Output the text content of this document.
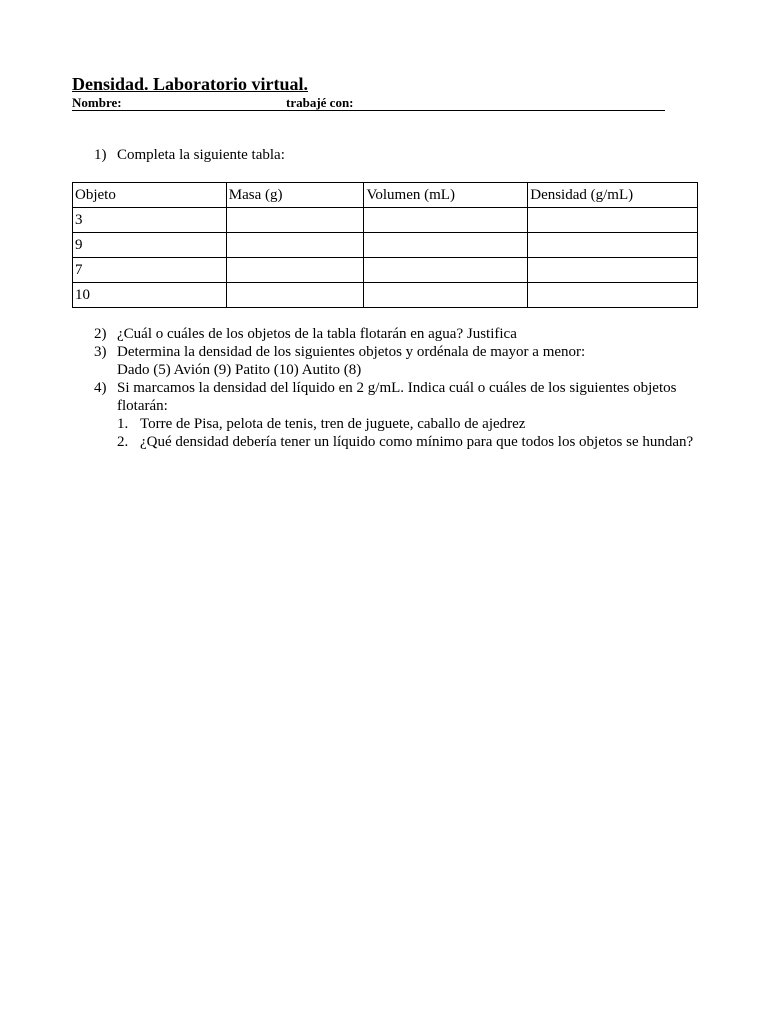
Densidad. Laboratorio virtual.
Nombre:	trabajé con:
1) Completa la siguiente tabla:
Objeto	Masa (g)	Volumen (mL)	Densidad (g/mL)
3			
9			
7			
10			
2) ¿Cuál o cuáles de los objetos de la tabla flotarán en agua? Justifica
3) Determina la densidad de los siguientes objetos y ordénala de mayor a menor:
Dado (5) Avión (9) Patito (10) Autito (8)
4) Si marcamos la densidad del líquido en 2 g/mL. Indica cuál o cuáles de los siguientes objetos
flotarán:
1. Torre de Pisa, pelota de tenis, tren de juguete, caballo de ajedrez
2. ¿Qué densidad debería tener un líquido como mínimo para que todos los objetos se hundan?
